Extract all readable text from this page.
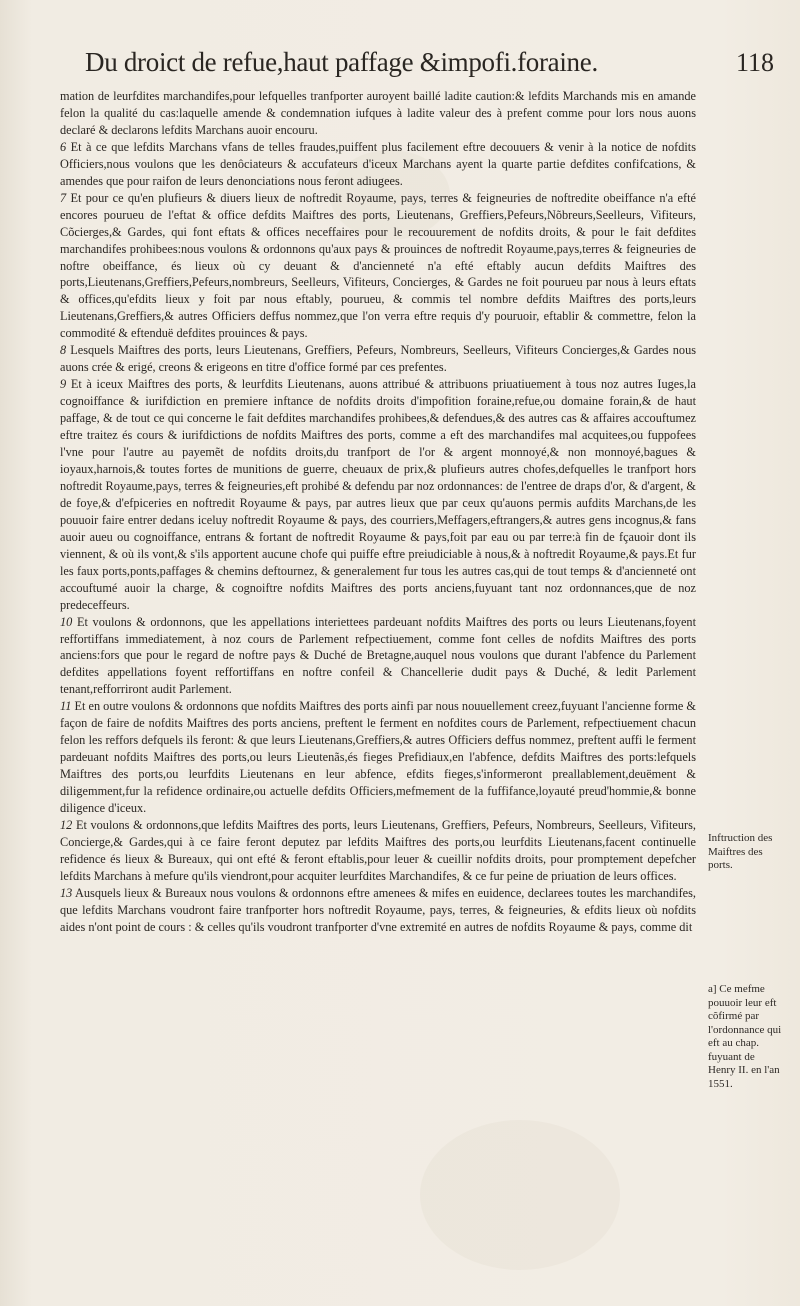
Du droict de refue,haut paffage &impofi.foraine.	118

mation de leurfdites marchandifes,pour lefquelles tranfporter auroyent baillé ladite caution:& lefdits Marchands mis en amande felon la qualité du cas:laquelle amende & condemnation iufques à ladite valeur des à prefent comme pour lors nous auons declaré & declarons lefdits Marchans auoir encouru.

6 Et à ce que lefdits Marchans vfans de telles fraudes,puiffent plus facilement eftre decouuers & venir à la notice de nofdits Officiers,nous voulons que les denôciateurs & accufateurs d'iceux Marchans ayent la quarte partie defdites confifcations, & amendes que pour raifon de leurs denonciations nous feront adiugees.

7 Et pour ce qu'en plufieurs & diuers lieux de noftredit Royaume, pays, terres & feigneuries de noftredite obeiffance n'a efté encores pourueu de l'eftat & office defdits Maiftres des ports, Lieutenans, Greffiers,Pefeurs,Nõbreurs,Seelleurs, Vifiteurs, Cõcierges,& Gardes, qui font eftats & offices neceffaires pour le recouurement de nofdits droits, & pour le fait defdites marchandifes prohibees:nous voulons & ordonnons qu'aux pays & prouinces de noftredit Royaume,pays,terres & feigneuries de noftre obeiffance, és lieux où cy deuant & d'ancienneté n'a efté eftably aucun defdits Maiftres des ports,Lieutenans,Greffiers,Pefeurs,nombreurs, Seelleurs, Vifiteurs, Concierges, & Gardes ne foit pourueu par nous à leurs eftats & offices,qu'efdits lieux y foit par nous eftably, pourueu, & commis tel nombre defdits Maiftres des ports,leurs Lieutenans,Greffiers,& autres Officiers deffus nommez,que l'on verra eftre requis d'y pouruoir, eftablir & commettre, felon la commodité & eftenduë defdites prouinces & pays.

8 Lesquels Maiftres des ports, leurs Lieutenans, Greffiers, Pefeurs, Nombreurs, Seelleurs, Vifiteurs Concierges,& Gardes nous auons crée & erigé, creons & erigeons en titre d'office formé par ces prefentes.

9 Et à iceux Maiftres des ports, & leurfdits Lieutenans, auons attribué & attribuons priuatiuement à tous noz autres Iuges,la cognoiffance & iurifdiction en premiere inftance de nofdits droits d'impofition foraine,refue,ou domaine forain,& de haut paffage, & de tout ce qui concerne le fait defdites marchandifes prohibees,& defendues,& des autres cas & affaires accouftumez eftre traitez és cours & iurifdictions de nofdits Maiftres des ports, comme a eft des marchandifes mal acquitees,ou fuppofees l'vne pour l'autre au payemẽt de nofdits droits,du tranfport de l'or & argent monnoyé,& non monnoyé,bagues & ioyaux,harnois,& toutes fortes de munitions de guerre, cheuaux de prix,& plufieurs autres chofes,defquelles le tranfport hors noftredit Royaume,pays, terres & feigneuries,eft prohibé & defendu par noz ordonnances: de l'entree de draps d'or, & d'argent, & de foye,& d'efpiceries en noftredit Royaume & pays, par autres lieux que par ceux qu'auons permis aufdits Marchans,de les pouuoir faire entrer dedans iceluy noftredit Royaume & pays, des courriers,Meffagers,eftrangers,& autres gens incognus,& fans auoir aueu ou cognoiffance, entrans & fortant de noftredit Royaume & pays,foit par eau ou par terre:à fin de fçauoir dont ils viennent, & où ils vont,& s'ils apportent aucune chofe qui puiffe eftre preiudiciable à nous,& à noftredit Royaume,& pays.Et fur les faux ports,ponts,paffages & chemins deftournez, & generalement fur tous les autres cas,qui de tout temps & d'ancienneté ont accouftumé auoir la charge, & cognoiftre nofdits Maiftres des ports anciens,fuyuant tant noz ordonnances,que de noz predeceffeurs.

10 Et voulons & ordonnons, que les appellations interiettees pardeuant nofdits Maiftres des ports ou leurs Lieutenans,foyent reffortiffans immediatement, à noz cours de Parlement refpectiuement, comme font celles de nofdits Maiftres des ports anciens:fors que pour le regard de noftre pays & Duché de Bretagne,auquel nous voulons que durant l'abfence du Parlement defdites appellations foyent reffortiffans en noftre confeil & Chancellerie dudit pays & Duché, & ledit Parlement tenant,refforriront audit Parlement.

11 Et en outre voulons & ordonnons que nofdits Maiftres des ports ainfi par nous nouuellement creez,fuyuant l'ancienne forme & façon de faire de nofdits Maiftres des ports anciens, preftent le ferment en nofdites cours de Parlement, refpectiuement chacun felon les reffors defquels ils feront: & que leurs Lieutenans,Greffiers,& autres Officiers deffus nommez, preftent auffi le ferment pardeuant nofdits Maiftres des ports,ou leurs Lieutenãs,és fieges Prefidiaux,en l'abfence, defdits Maiftres des ports:lefquels Maiftres des ports,ou leurfdits Lieutenans en leur abfence, efdits fieges,s'informeront preallablement,deuëment & diligemment,fur la refidence ordinaire,ou actuelle defdits Officiers,mefmement de la fuffifance,loyauté preud'hommie,& bonne diligence d'iceux.

12 Et voulons & ordonnons,que lefdits Maiftres des ports, leurs Lieutenans, Greffiers, Pefeurs, Nombreurs, Seelleurs, Vifiteurs, Concierge,& Gardes,qui à ce faire feront deputez par lefdits Maiftres des ports,ou leurfdits Lieutenans,facent continuelle refidence és lieux & Bureaux, qui ont efté & feront eftablis,pour leuer & cueillir nofdits droits, pour promptement depefcher lefdits Marchans à mefure qu'ils viendront,pour acquiter leurfdites Marchandifes, & ce fur peine de priuation de leurs offices.

13 Ausquels lieux & Bureaux nous voulons & ordonnons eftre amenees & mifes en euidence, declarees toutes les marchandifes, que lefdits Marchans voudront faire tranfporter hors noftredit Royaume, pays, terres, & feigneuries, & efdits lieux où nofdits aides n'ont point de cours : & celles qu'ils voudront tranfporter d'vne extremité en autres de nofdits Royaume & pays, comme dit

Inftruction des Maiftres des ports.
a] Ce mefme pouuoir leur eft cõfirmé par l'ordonnance qui eft au chap. fuyuant de Henry II. en l'an 1551.
